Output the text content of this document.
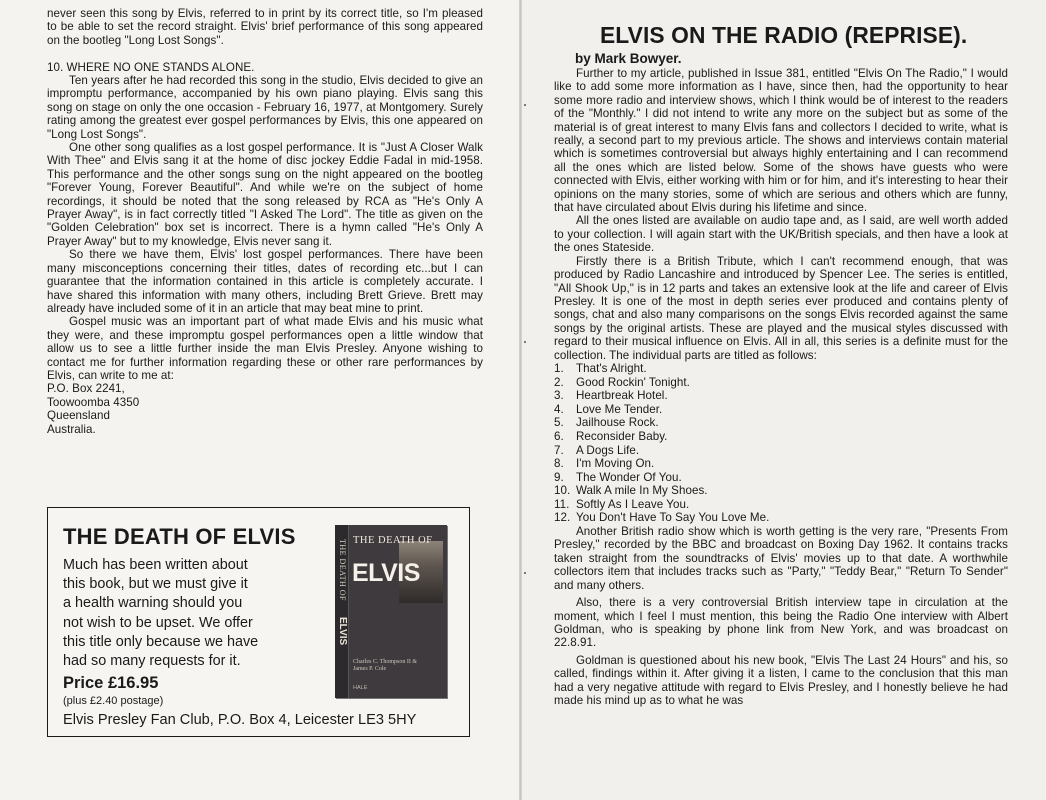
never seen this song by Elvis, referred to in print by its correct title, so I'm pleased to be able to set the record straight. Elvis' brief performance of this song appeared on the bootleg "Long Lost Songs".

10. WHERE NO ONE STANDS ALONE.

Ten years after he had recorded this song in the studio, Elvis decided to give an impromptu performance, accompanied by his own piano playing. Elvis sang this song on stage on only the one occasion - February 16, 1977, at Montgomery. Surely rating among the greatest ever gospel performances by Elvis, this one appeared on "Long Lost Songs".

One other song qualifies as a lost gospel performance. It is "Just A Closer Walk With Thee" and Elvis sang it at the home of disc jockey Eddie Fadal in mid-1958. This performance and the other songs sung on the night appeared on the bootleg "Forever Young, Forever Beautiful". And while we're on the subject of home recordings, it should be noted that the song released by RCA as "He's Only A Prayer Away", is in fact correctly titled "I Asked The Lord". The title as given on the "Golden Celebration" box set is incorrect. There is a hymn called "He's Only A Prayer Away" but to my knowledge, Elvis never sang it.

So there we have them, Elvis' lost gospel performances. There have been many misconceptions concerning their titles, dates of recording etc...but I can guarantee that the information contained in this article is completely accurate. I have shared this information with many others, including Brett Grieve. Brett may already have included some of it in an article that may beat mine to print.

Gospel music was an important part of what made Elvis and his music what they were, and these impromptu gospel performances open a little window that allow us to see a little further inside the man Elvis Presley. Anyone wishing to contact me for further information regarding these or other rare performances by Elvis, can write to me at:

P.O. Box 2241,
Toowoomba 4350
Queensland
Australia.
THE DEATH OF ELVIS
Much has been written about
this book, but we must give it
a health warning should you
not wish to be upset. We offer
this title only because we have
had so many requests for it.
Price £16.95
(plus £2.40 postage)
Elvis Presley Fan Club, P.O. Box 4, Leicester LE3 5HY
THE DEATH OF
ELVIS
THE DEATH OF
ELVIS
Charles C. Thompson II & James P. Cole
HALE
ELVIS ON THE RADIO (REPRISE).
by Mark Bowyer.

Further to my article, published in Issue 381, entitled "Elvis On The Radio," I would like to add some more information as I have, since then, had the opportunity to hear some more radio and interview shows, which I think would be of interest to the readers of the "Monthly." I did not intend to write any more on the subject but as some of the material is of great interest to many Elvis fans and collectors I decided to write, what is really, a second part to my previous article. The shows and interviews contain material which is sometimes controversial but always highly entertaining and I can recommend all the ones which are listed below. Some of the shows have guests who were connected with Elvis, either working with him or for him, and it's interesting to hear their opinions on the many stories, some of which are serious and others which are funny, that have circulated about Elvis during his lifetime and since.

All the ones listed are available on audio tape and, as I said, are well worth added to your collection. I will again start with the UK/British specials, and then have a look at the ones Stateside.

Firstly there is a British Tribute, which I can't recommend enough, that was produced by Radio Lancashire and introduced by Spencer Lee. The series is entitled, "All Shook Up," is in 12 parts and takes an extensive look at the life and career of Elvis Presley. It is one of the most in depth series ever produced and contains plenty of songs, chat and also many comparisons on the songs Elvis recorded against the same songs by the original artists. These are played and the musical styles discussed with regard to their musical influence on Elvis. All in all, this series is a definite must for the collection. The individual parts are titled as follows:

1. That's Alright.
2. Good Rockin' Tonight.
3. Heartbreak Hotel.
4. Love Me Tender.
5. Jailhouse Rock.
6. Reconsider Baby.
7. A Dogs Life.
8. I'm Moving On.
9. The Wonder Of You.
10. Walk A mile In My Shoes.
11. Softly As I Leave You.
12. You Don't Have To Say You Love Me.

Another British radio show which is worth getting is the very rare, "Presents From Presley," recorded by the BBC and broadcast on Boxing Day 1962. It contains tracks taken straight from the soundtracks of Elvis' movies up to that date. A worthwhile collectors item that includes tracks such as "Party," "Teddy Bear," "Return To Sender" and many others.

Also, there is a very controversial British interview tape in circulation at the moment, which I feel I must mention, this being the Radio One interview with Albert Goldman, who is speaking by phone link from New York, and was broadcast on 22.8.91.

Goldman is questioned about his new book, "Elvis The Last 24 Hours" and his, so called, findings within it. After giving it a listen, I came to the conclusion that this man had a very negative attitude with regard to Elvis Presley, and I honestly believe he had made his mind up as to what he was
